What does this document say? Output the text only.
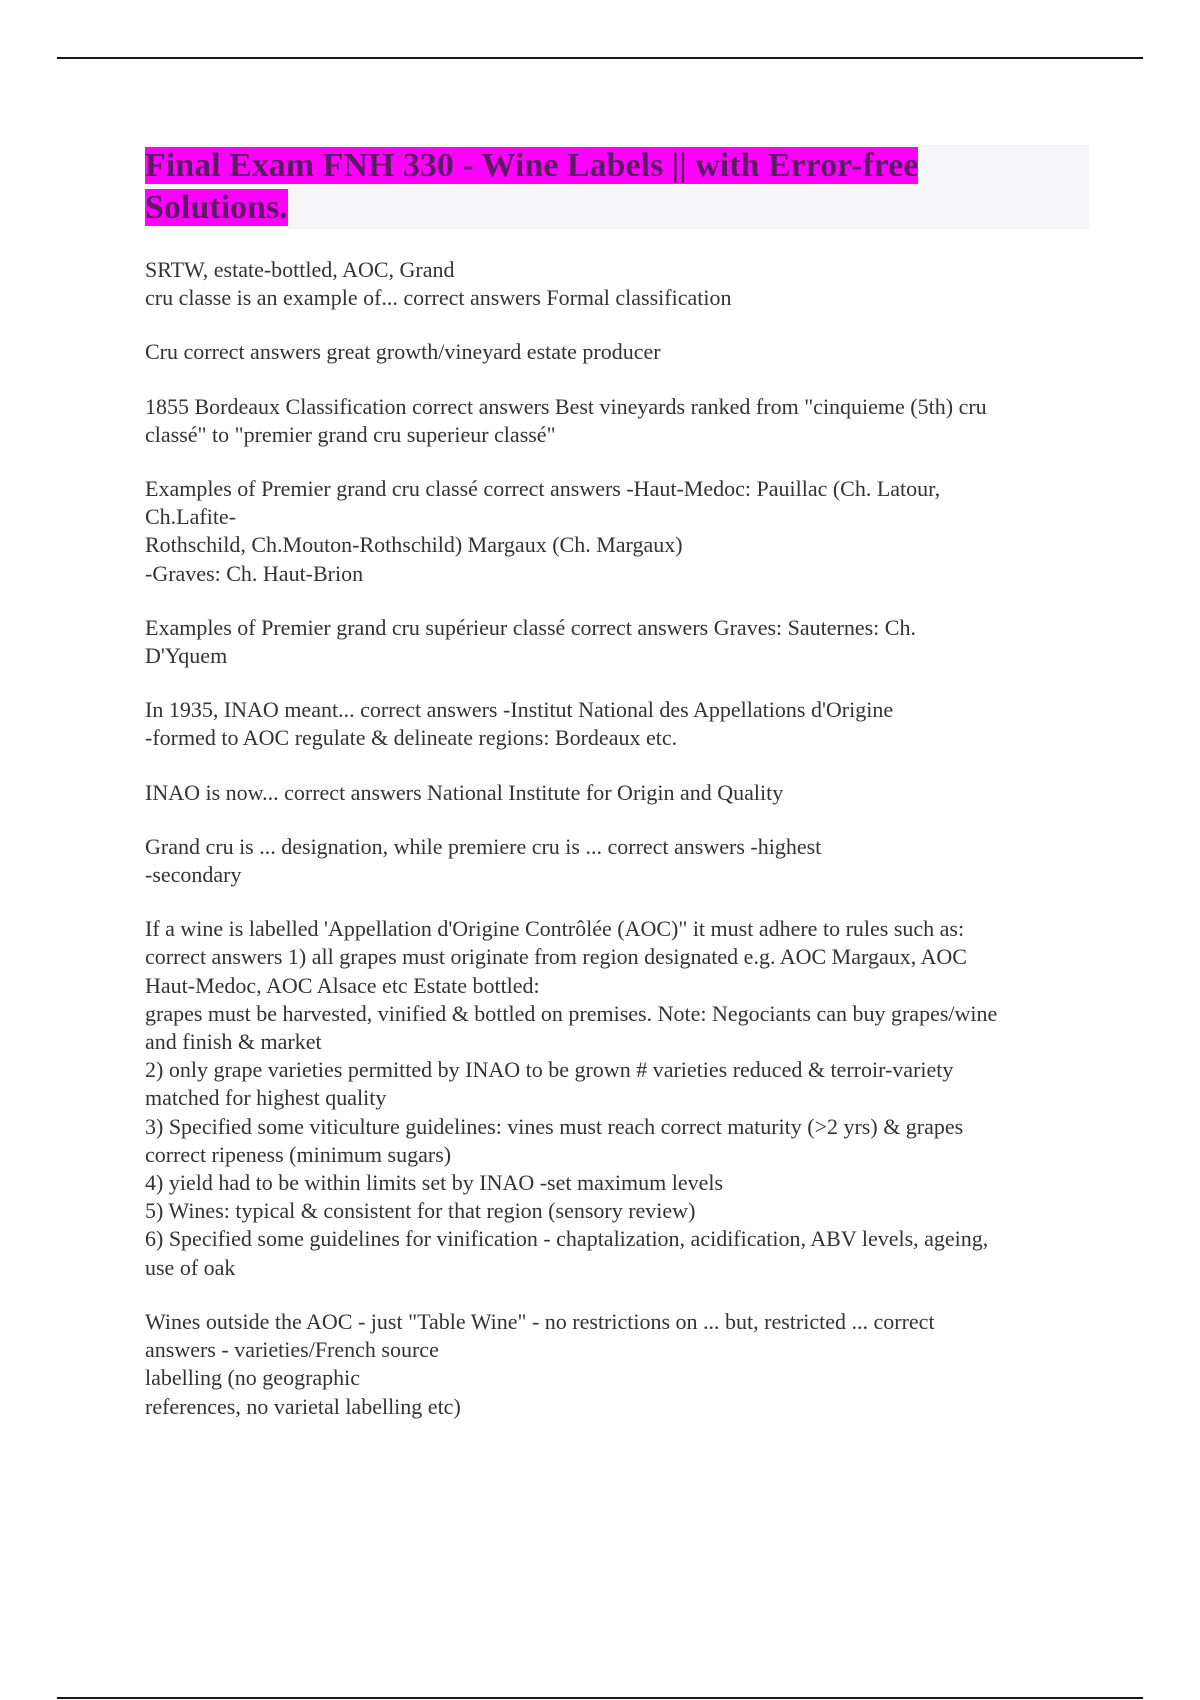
Final Exam FNH 330 - Wine Labels || with Error-free
Solutions.

SRTW, estate-bottled, AOC, Grand
cru classe is an example of... correct answers Formal classification

Cru correct answers great growth/vineyard estate producer

1855 Bordeaux Classification correct answers Best vineyards ranked from "cinquieme (5th) cru
classé" to "premier grand cru superieur classé"

Examples of Premier grand cru classé correct answers -Haut-Medoc: Pauillac (Ch. Latour,
Ch.Lafite-
Rothschild, Ch.Mouton-Rothschild) Margaux (Ch. Margaux)
-Graves: Ch. Haut-Brion

Examples of Premier grand cru supérieur classé correct answers Graves: Sauternes: Ch.
D'Yquem

In 1935, INAO meant... correct answers -Institut National des Appellations d'Origine
-formed to AOC regulate & delineate regions: Bordeaux etc.

INAO is now... correct answers National Institute for Origin and Quality

Grand cru is ... designation, while premiere cru is ... correct answers -highest
-secondary

If a wine is labelled 'Appellation d'Origine Contrôlée (AOC)" it must adhere to rules such as:
correct answers 1) all grapes must originate from region designated e.g. AOC Margaux, AOC
Haut-Medoc, AOC Alsace etc Estate bottled:
grapes must be harvested, vinified & bottled on premises. Note: Negociants can buy grapes/wine
and finish & market
2) only grape varieties permitted by INAO to be grown # varieties reduced & terroir-variety
matched for highest quality
3) Specified some viticulture guidelines: vines must reach correct maturity (>2 yrs) & grapes
correct ripeness (minimum sugars)
4) yield had to be within limits set by INAO -set maximum levels
5) Wines: typical & consistent for that region (sensory review)
6) Specified some guidelines for vinification - chaptalization, acidification, ABV levels, ageing,
use of oak

Wines outside the AOC - just "Table Wine" - no restrictions on ... but, restricted ... correct
answers - varieties/French source
labelling (no geographic
references, no varietal labelling etc)
